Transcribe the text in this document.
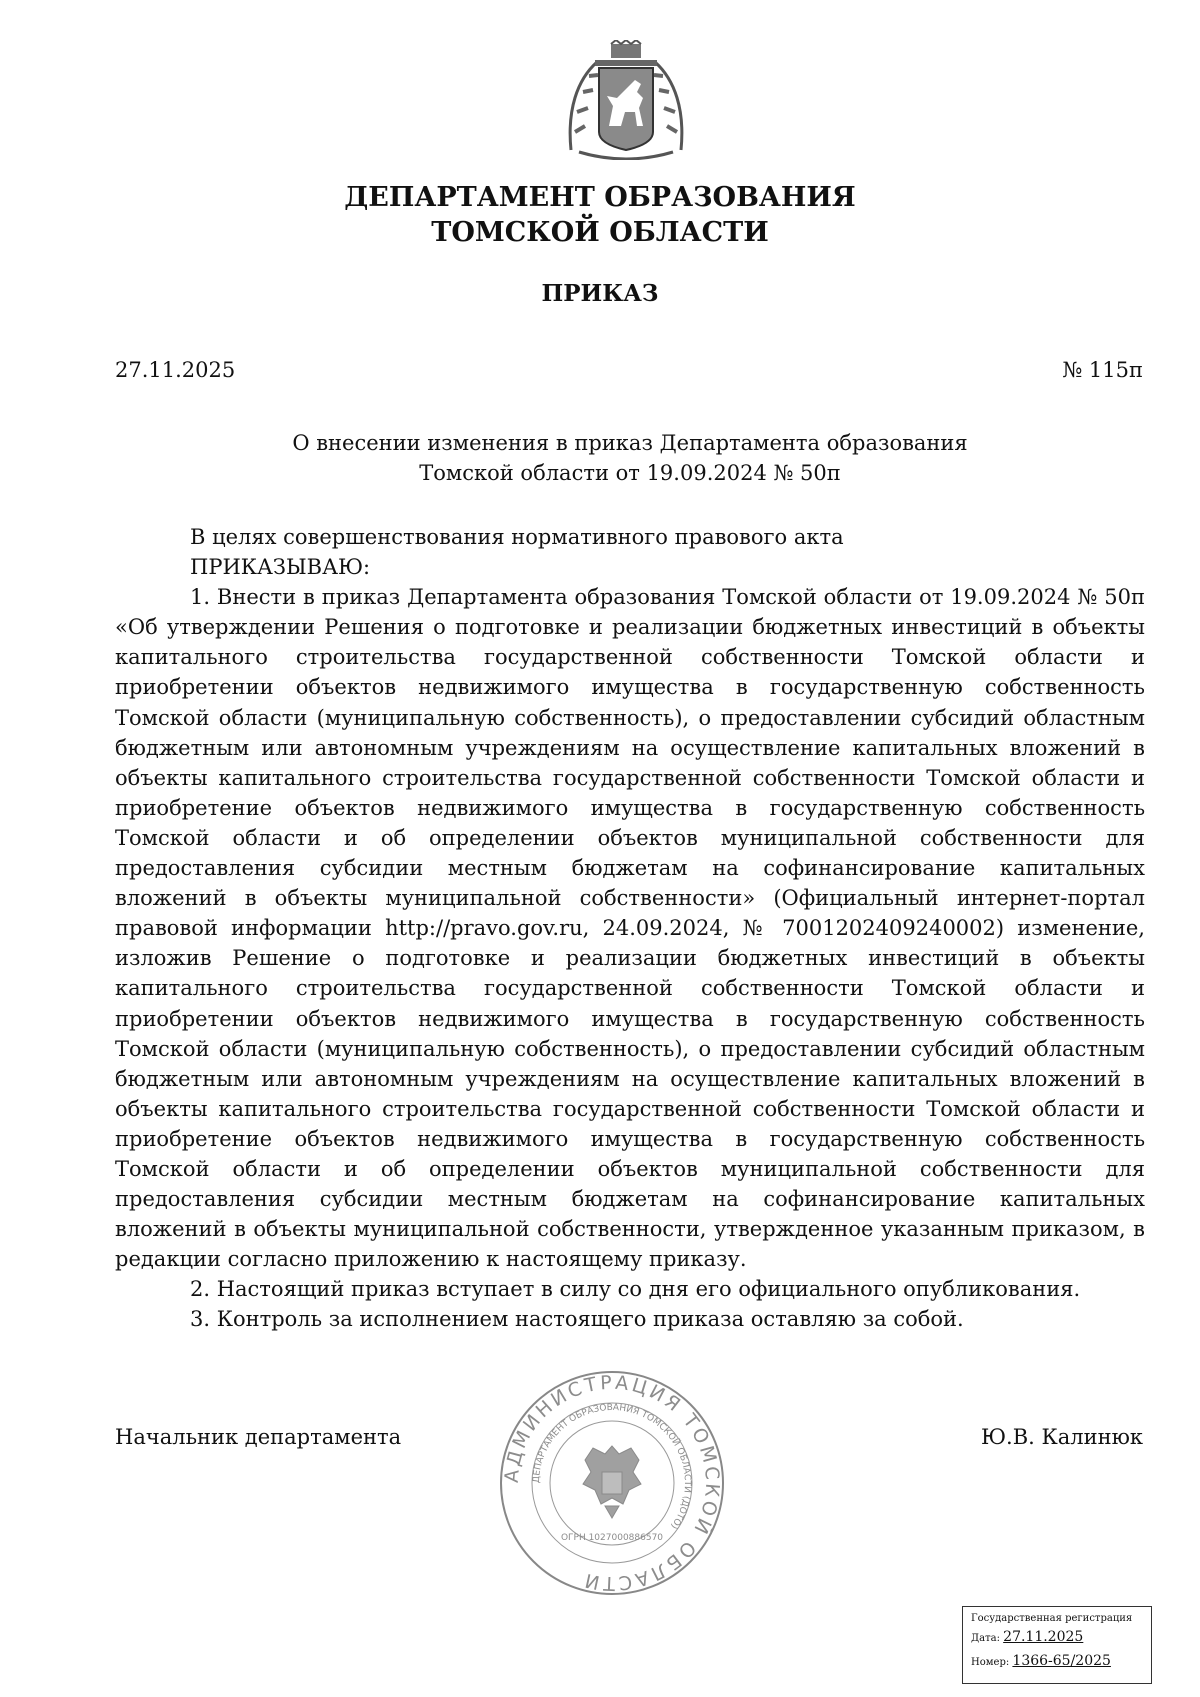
ДЕПАРТАМЕНТ ОБРАЗОВАНИЯ
ТОМСКОЙ ОБЛАСТИ
ПРИКАЗ
27.11.2025	№ 115п
О внесении изменения в приказ Департамента образования
Томской области от 19.09.2024 № 50п
В целях совершенствования нормативного правового акта
ПРИКАЗЫВАЮ:

1. Внести в приказ Департамента образования Томской области от 19.09.2024 № 50п «Об утверждении Решения о подготовке и реализации бюджетных инвестиций в объекты капитального строительства государственной собственности Томской области и приобретении объектов недвижимого имущества в государственную собственность Томской области (муниципальную собственность), о предоставлении субсидий областным бюджетным или автономным учреждениям на осуществление капитальных вложений в объекты капитального строительства государственной собственности Томской области и приобретение объектов недвижимого имущества в государственную собственность Томской области и об определении объектов муниципальной собственности для предоставления субсидии местным бюджетам на софинансирование капитальных вложений в объекты муниципальной собственности» (Официальный интернет-портал правовой информации http://pravo.gov.ru, 24.09.2024, № 7001202409240002) изменение, изложив Решение о подготовке и реализации бюджетных инвестиций в объекты капитального строительства государственной собственности Томской области и приобретении объектов недвижимого имущества в государственную собственность Томской области (муниципальную собственность), о предоставлении субсидий областным бюджетным или автономным учреждениям на осуществление капитальных вложений в объекты капитального строительства государственной собственности Томской области и приобретение объектов недвижимого имущества в государственную собственность Томской области и об определении объектов муниципальной собственности для предоставления субсидии местным бюджетам на софинансирование капитальных вложений в объекты муниципальной собственности, утвержденное указанным приказом, в редакции согласно приложению к настоящему приказу.

2. Настоящий приказ вступает в силу со дня его официального опубликования.
3. Контроль за исполнением настоящего приказа оставляю за собой.
Начальник департамента
АДМИНИСТРАЦИЯ ТОМСКОЙ ОБЛАСТИ
ДЕПАРТАМЕНТ ОБРАЗОВАНИЯ ТОМСКОЙ ОБЛАСТИ (ДОТО)
ОГРН 1027000886570
Ю.В. Калинюк
Государственная регистрация
Дата: 27.11.2025
Номер: 1366-65/2025
